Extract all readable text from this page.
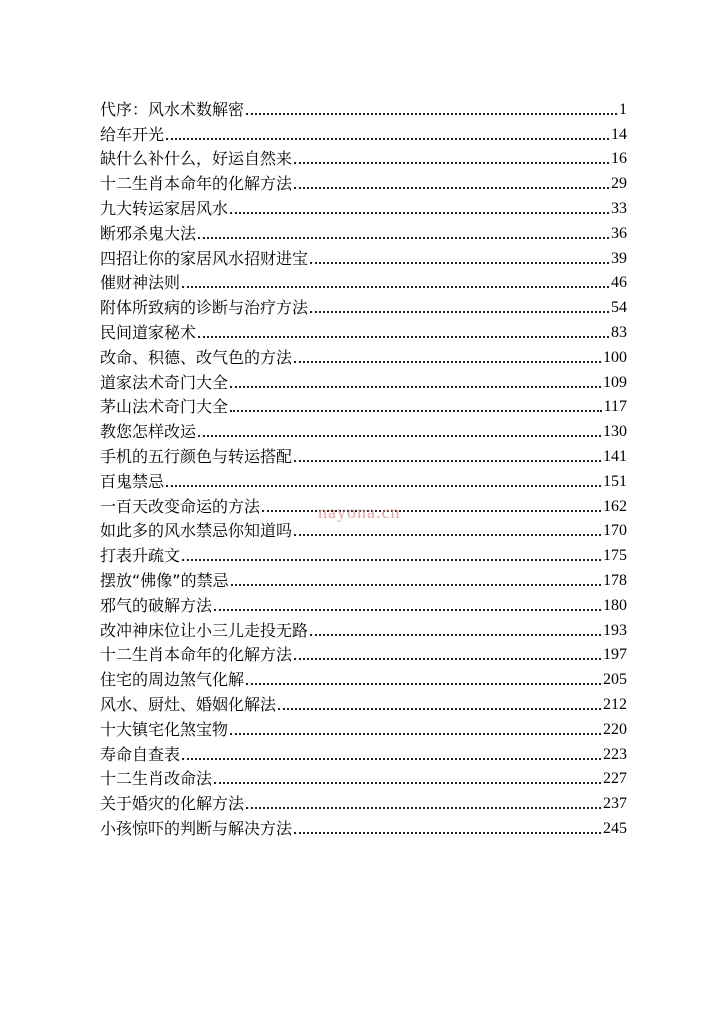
代序：风水术数解密	1
给车开光	14
缺什么补什么，好运自然来	16
十二生肖本命年的化解方法	29
九大转运家居风水	33
断邪杀鬼大法	36
四招让你的家居风水招财进宝	39
催财神法则	46
附体所致病的诊断与治疗方法	54
民间道家秘术	83
改命、积德、改气色的方法	100
道家法术奇门大全	109
茅山法术奇门大全	117
教您怎样改运	130
手机的五行颜色与转运搭配	141
百鬼禁忌	151
一百天改变命运的方法	162
如此多的风水禁忌你知道吗	170
打表升疏文	175
摆放“佛像”的禁忌	178
邪气的破解方法	180
改冲神床位让小三儿走投无路	193
十二生肖本命年的化解方法	197
住宅的周边煞气化解	205
风水、厨灶、婚姻化解法	212
十大镇宅化煞宝物	220
寿命自查表	223
十二生肖改命法	227
关于婚灾的化解方法	237
小孩惊吓的判断与解决方法	245
nayona.cn
